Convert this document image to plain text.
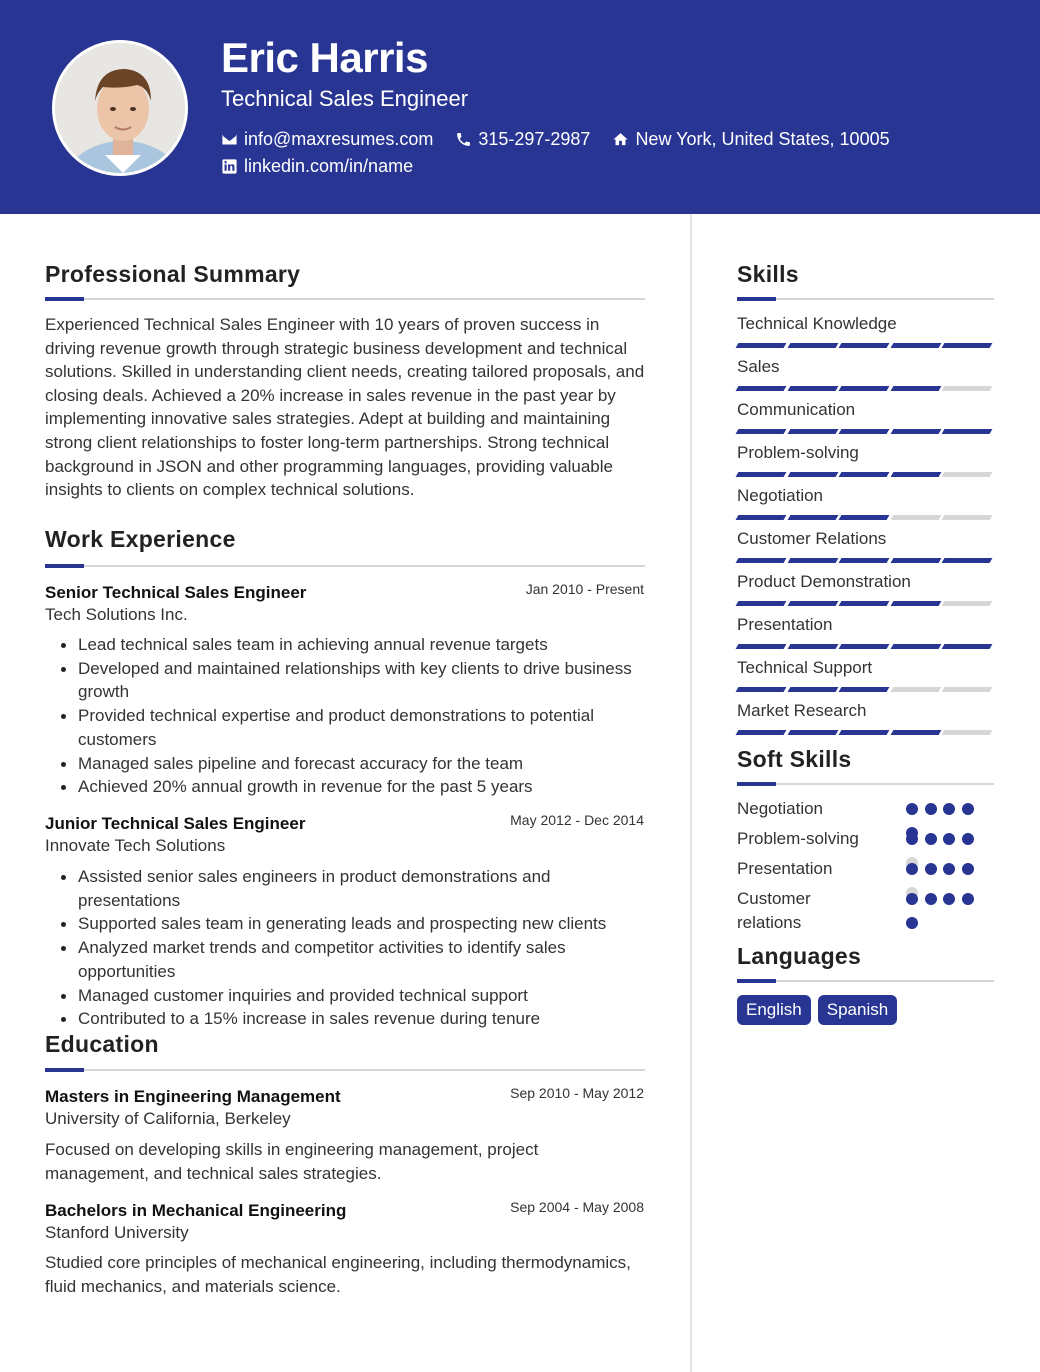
Eric Harris
Technical Sales Engineer
info@maxresumes.com	315-297-2987	New York, United States, 10005
linkedin.com/in/name
Professional Summary
Experienced Technical Sales Engineer with 10 years of proven success in driving revenue growth through strategic business development and technical solutions. Skilled in understanding client needs, creating tailored proposals, and closing deals. Achieved a 20% increase in sales revenue in the past year by implementing innovative sales strategies. Adept at building and maintaining strong client relationships to foster long-term partnerships. Strong technical background in JSON and other programming languages, providing valuable insights to clients on complex technical solutions.
Work Experience
Senior Technical Sales Engineer	Jan 2010 - Present
Tech Solutions Inc.
Lead technical sales team in achieving annual revenue targets
Developed and maintained relationships with key clients to drive business growth
Provided technical expertise and product demonstrations to potential customers
Managed sales pipeline and forecast accuracy for the team
Achieved 20% annual growth in revenue for the past 5 years
Junior Technical Sales Engineer	May 2012 - Dec 2014
Innovate Tech Solutions
Assisted senior sales engineers in product demonstrations and presentations
Supported sales team in generating leads and prospecting new clients
Analyzed market trends and competitor activities to identify sales opportunities
Managed customer inquiries and provided technical support
Contributed to a 15% increase in sales revenue during tenure
Education
Masters in Engineering Management	Sep 2010 - May 2012
University of California, Berkeley
Focused on developing skills in engineering management, project management, and technical sales strategies.
Bachelors in Mechanical Engineering	Sep 2004 - May 2008
Stanford University
Studied core principles of mechanical engineering, including thermodynamics, fluid mechanics, and materials science.
Skills
Technical Knowledge
Sales
Communication
Problem-solving
Negotiation
Customer Relations
Product Demonstration
Presentation
Technical Support
Market Research
Soft Skills
Negotiation
Problem-solving
Presentation
Customer relations
Languages
English	Spanish
